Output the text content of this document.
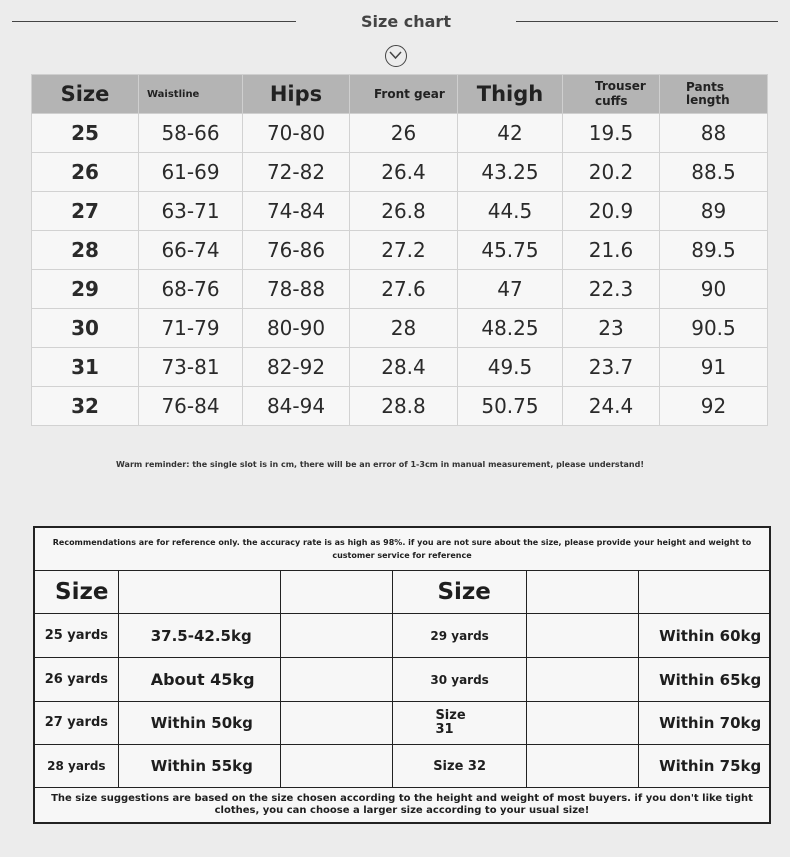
Size chart
Size	Waistline	Hips	Front gear	Thigh	Trouser cuffs	Pants length
25	58-66	70-80	26	42	19.5	88
26	61-69	72-82	26.4	43.25	20.2	88.5
27	63-71	74-84	26.8	44.5	20.9	89
28	66-74	76-86	27.2	45.75	21.6	89.5
29	68-76	78-88	27.6	47	22.3	90
30	71-79	80-90	28	48.25	23	90.5
31	73-81	82-92	28.4	49.5	23.7	91
32	76-84	84-94	28.8	50.75	24.4	92
Warm reminder: the single slot is in cm, there will be an error of 1-3cm in manual measurement, please understand!
Recommendations are for reference only. the accuracy rate is as high as 98%. if you are not sure about the size, please provide your height and weight to customer service for reference					
Size			Size		
25 yards	37.5-42.5kg		29 yards		Within 60kg
26 yards	About 45kg		30 yards		Within 65kg
27 yards	Within 50kg		Size 31		Within 70kg
28 yards	Within 55kg		Size 32		Within 75kg
The size suggestions are based on the size chosen according to the height and weight of most buyers. if you don't like tight clothes, you can choose a larger size according to your usual size!					
